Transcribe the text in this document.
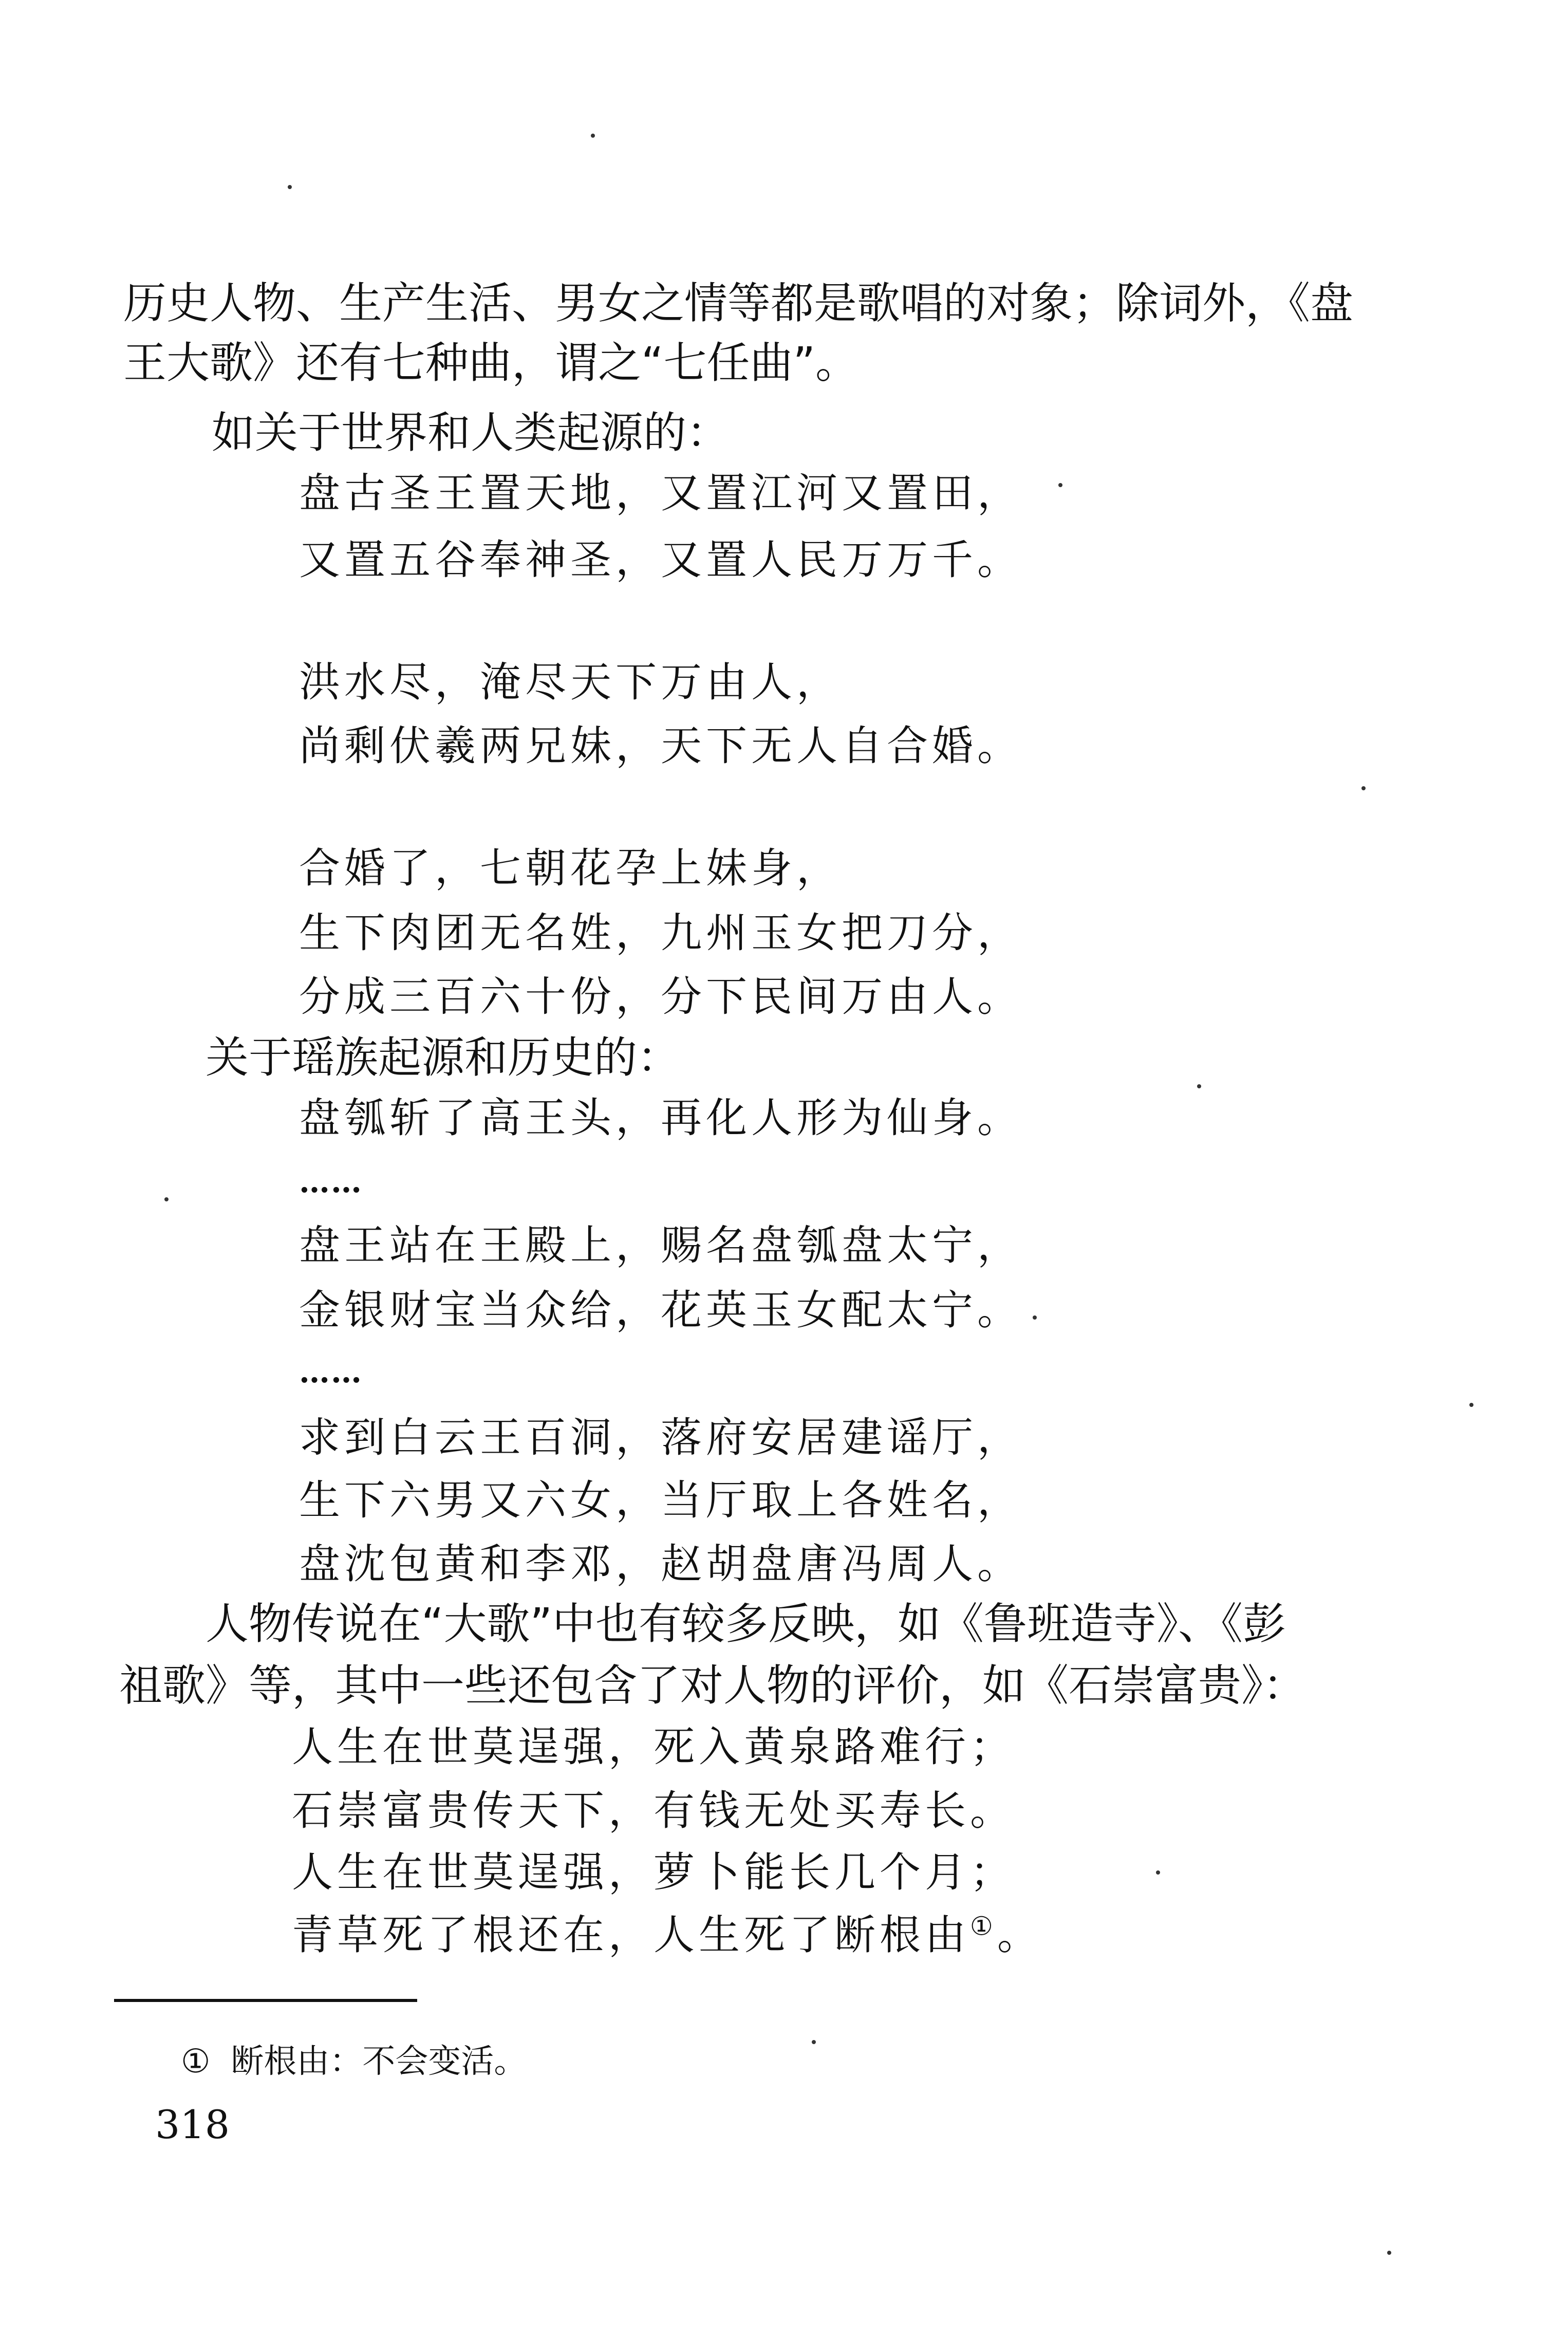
历史人物、生产生活、男女之情等都是歌唱的对象；除词外，《盘
王大歌》还有七种曲，谓之“七任曲”。
如关于世界和人类起源的：
盘古圣王置天地，又置江河又置田，
又置五谷奉神圣，又置人民万万千。
洪水尽，淹尽天下万由人，
尚剩伏羲两兄妹，天下无人自合婚。
合婚了，七朝花孕上妹身，
生下肉团无名姓，九州玉女把刀分，
分成三百六十份，分下民间万由人。
关于瑶族起源和历史的：
盘瓠斩了高王头，再化人形为仙身。
……
盘王站在王殿上，赐名盘瓠盘太宁，
金银财宝当众给，花英玉女配太宁。
……
求到白云王百洞，落府安居建谣厅，
生下六男又六女，当厅取上各姓名，
盘沈包黄和李邓，赵胡盘唐冯周人。
人物传说在“大歌”中也有较多反映，如《鲁班造寺》、《彭
祖歌》等，其中一些还包含了对人物的评价，如《石崇富贵》：
人生在世莫逞强，死入黄泉路难行；
石崇富贵传天下，有钱无处买寿长。
人生在世莫逞强，萝卜能长几个月；
青草死了根还在，人生死了断根由①。
① 断根由：不会变活。
318
